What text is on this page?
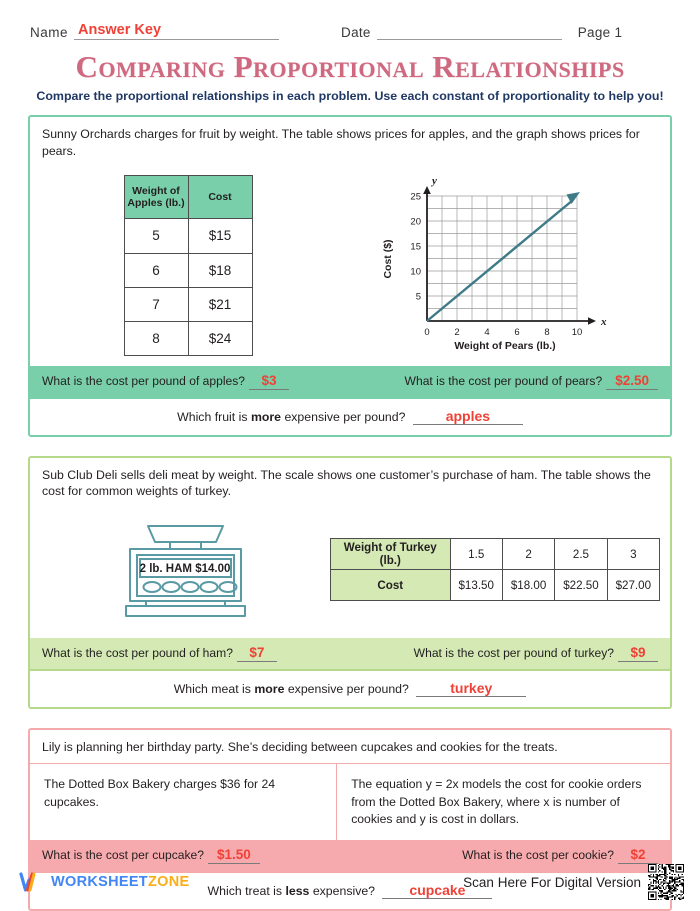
Name Answer Key	Date	Page 1
Comparing Proportional Relationships
Compare the proportional relationships in each problem. Use each constant of proportionality to help you!
Sunny Orchards charges for fruit by weight. The table shows prices for apples, and the graph shows prices for pears.
Weight of Apples (lb.)	Cost
5	$15
6	$18
7	$21
8	$24
y
x
0	2	4	6	8 10
5
10
15
20
25
Weight of Pears (lb.)
Cost ($)
What is the cost per pound of apples?	$3	What is the cost per pound of pears? $2.50
Which fruit is more expensive per pound?	apples
Sub Club Deli sells deli meat by weight. The scale shows one customer’s purchase of ham. The table shows the cost for common weights of turkey.
2 lb. HAM $14.00
Weight of Turkey (lb.)	1.5	2	2.5	3
Cost	$13.50	$18.00	$22.50	$27.00
What is the cost per pound of ham?	$7	What is the cost per pound of turkey?	$9
Which meat is more expensive per pound?	turkey
Lily is planning her birthday party. She’s deciding between cupcakes and cookies for the treats.
The Dotted Box Bakery charges $36 for 24 cupcakes.
The equation y = 2x models the cost for cookie orders from the Dotted Box Bakery, where x is number of cookies and y is cost in dollars.
What is the cost per cupcake? $1.50	What is the cost per cookie?	$2
Which treat is less expensive? cupcake
WORKSHEETZONE	Scan Here For Digital Version
